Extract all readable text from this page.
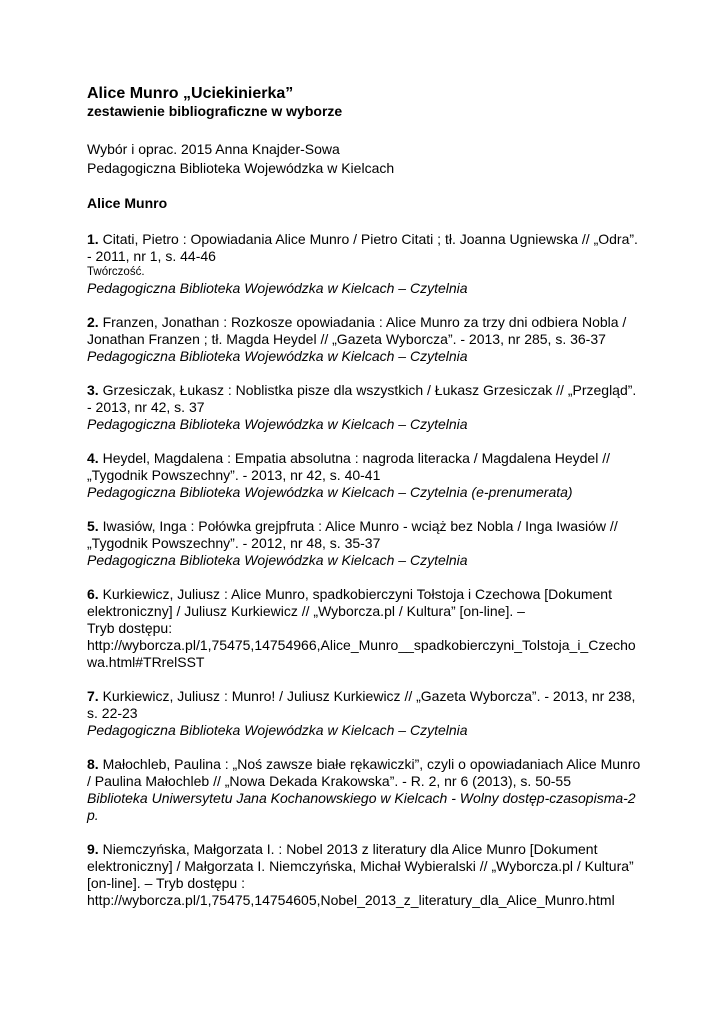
Alice Munro „Uciekinierka”
zestawienie bibliograficzne w wyborze
Wybór i oprac. 2015 Anna Knajder-Sowa
Pedagogiczna Biblioteka Wojewódzka w Kielcach
Alice Munro
1. Citati, Pietro : Opowiadania Alice Munro / Pietro Citati ; tł. Joanna Ugniewska // „Odra”. - 2011, nr 1, s. 44-46
Twórczość.
Pedagogiczna Biblioteka Wojewódzka w Kielcach – Czytelnia
2. Franzen, Jonathan : Rozkosze opowiadania : Alice Munro za trzy dni odbiera Nobla / Jonathan Franzen ; tł. Magda Heydel // „Gazeta Wyborcza”. - 2013, nr 285, s. 36-37
Pedagogiczna Biblioteka Wojewódzka w Kielcach – Czytelnia
3. Grzesiczak, Łukasz : Noblistka pisze dla wszystkich / Łukasz Grzesiczak // „Przegląd”. - 2013, nr 42, s. 37
Pedagogiczna Biblioteka Wojewódzka w Kielcach – Czytelnia
4. Heydel, Magdalena : Empatia absolutna : nagroda literacka / Magdalena Heydel // „Tygodnik Powszechny”. - 2013, nr 42, s. 40-41
Pedagogiczna Biblioteka Wojewódzka w Kielcach – Czytelnia (e-prenumerata)
5. Iwasiów, Inga : Połówka grejpfruta : Alice Munro - wciąż bez Nobla / Inga Iwasiów // „Tygodnik Powszechny”. - 2012, nr 48, s. 35-37
Pedagogiczna Biblioteka Wojewódzka w Kielcach – Czytelnia
6. Kurkiewicz, Juliusz : Alice Munro, spadkobierczyni Tołstoja i Czechowa [Dokument elektroniczny] / Juliusz Kurkiewicz // „Wyborcza.pl / Kultura” [on-line]. –
Tryb dostępu:
http://wyborcza.pl/1,75475,14754966,Alice_Munro__spadkobierczyni_Tolstoja_i_Czechowa.html#TRrelSST
7. Kurkiewicz, Juliusz : Munro! / Juliusz Kurkiewicz // „Gazeta Wyborcza”. - 2013, nr 238, s. 22-23
Pedagogiczna Biblioteka Wojewódzka w Kielcach – Czytelnia
8. Małochleb, Paulina : „Noś zawsze białe rękawiczki”, czyli o opowiadaniach Alice Munro / Paulina Małochleb // „Nowa Dekada Krakowska”. - R. 2, nr 6 (2013), s. 50-55
Biblioteka Uniwersytetu Jana Kochanowskiego w Kielcach - Wolny dostęp-czasopisma-2 p.
9. Niemczyńska, Małgorzata I. : Nobel 2013 z literatury dla Alice Munro [Dokument elektroniczny] / Małgorzata I. Niemczyńska, Michał Wybieralski // „Wyborcza.pl / Kultura” [on-line]. – Tryb dostępu :
http://wyborcza.pl/1,75475,14754605,Nobel_2013_z_literatury_dla_Alice_Munro.html
